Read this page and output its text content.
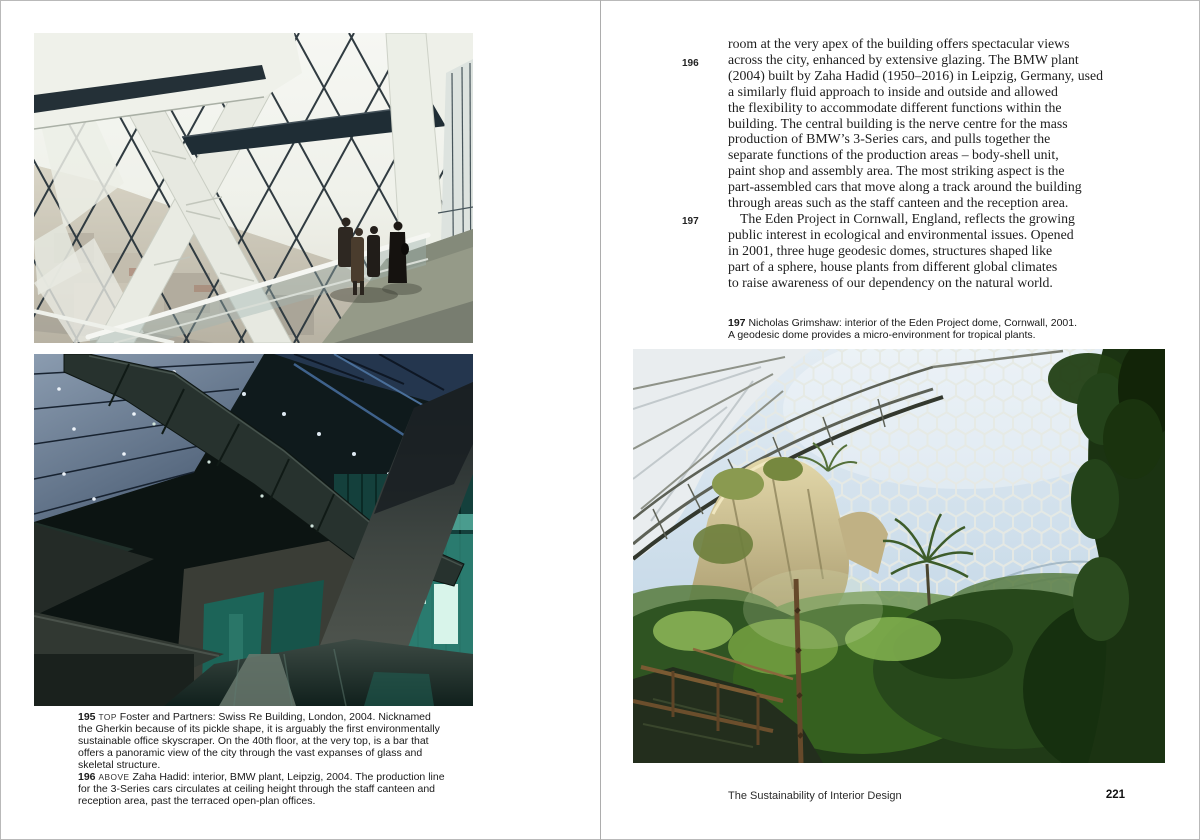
195 TOP Foster and Partners: Swiss Re Building, London, 2004. Nicknamed
the Gherkin because of its pickle shape, it is arguably the first environmentally
sustainable office skyscraper. On the 40th floor, at the very top, is a bar that
offers a panoramic view of the city through the vast expanses of glass and
skeletal structure.
196 ABOVE Zaha Hadid: interior, BMW plant, Leipzig, 2004. The production line
for the 3-Series cars circulates at ceiling height through the staff canteen and
reception area, past the terraced open-plan offices.
196
197
room at the very apex of the building offers spectacular views
across the city, enhanced by extensive glazing. The BMW plant
(2004) built by Zaha Hadid (1950–2016) in Leipzig, Germany, used
a similarly fluid approach to inside and outside and allowed
the flexibility to accommodate different functions within the
building. The central building is the nerve centre for the mass
production of BMW’s 3-Series cars, and pulls together the
separate functions of the production areas – body-shell unit,
paint shop and assembly area. The most striking aspect is the
part-assembled cars that move along a track around the building
through areas such as the staff canteen and the reception area.
The Eden Project in Cornwall, England, reflects the growing
public interest in ecological and environmental issues. Opened
in 2001, three huge geodesic domes, structures shaped like
part of a sphere, house plants from different global climates
to raise awareness of our dependency on the natural world.
197 Nicholas Grimshaw: interior of the Eden Project dome, Cornwall, 2001.
A geodesic dome provides a micro-environment for tropical plants.
The Sustainability of Interior Design	221
